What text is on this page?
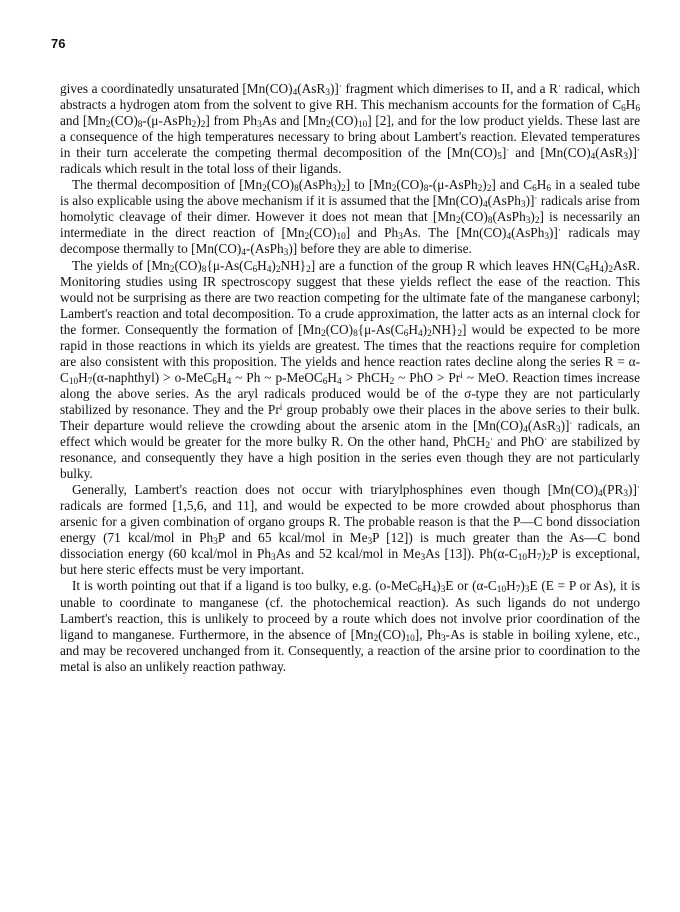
76

gives a coordinatedly unsaturated $[Mn(CO)_4(AsR_3)]^\cdot$ fragment which dimerises to II, and a R· radical, which abstracts a hydrogen atom from the solvent to give RH. This mechanism accounts for the formation of $C_6H_6$ and $[Mn_2(CO)_8-(\mu-AsPh_2)_2]$ from $Ph_3As$ and $[Mn_2(CO)_{10}]$ [2], and for the low product yields. These last are a consequence of the high temperatures necessary to bring about Lambert's reaction. Elevated temperatures in their turn accelerate the competing thermal decomposition of the $[Mn(CO)_5]^\cdot$ and $[Mn(CO)_4(AsR_3)]^\cdot$ radicals which result in the total loss of their ligands.

The thermal decomposition of $[Mn_2(CO)_8(AsPh_3)_2]$ to $[Mn_2(CO)_8-(\mu-AsPh_2)_2]$ and $C_6H_6$ in a sealed tube is also explicable using the above mechanism if it is assumed that the $[Mn(CO)_4(AsPh_3)]^\cdot$ radicals arise from homolytic cleavage of their dimer. However it does not mean that $[Mn_2(CO)_8(AsPh_3)_2]$ is necessarily an intermediate in the direct reaction of $[Mn_2(CO)_{10}]$ and $Ph_3As$. The $[Mn(CO)_4(AsPh_3)]^\cdot$ radicals may decompose thermally to $[Mn(CO)_4-(AsPh_3)]$ before they are able to dimerise.

The yields of $[Mn_2(CO)_8\{\mu-As(C_6H_4)_2NH\}_2]$ are a function of the group R which leaves $HN(C_6H_4)_2AsR$. Monitoring studies using IR spectroscopy suggest that these yields reflect the ease of the reaction. This would not be surprising as there are two reaction competing for the ultimate fate of the manganese carbonyl; Lambert's reaction and total decomposition. To a crude approximation, the latter acts as an internal clock for the former. Consequently the formation of $[Mn_2(CO)_8\{\mu-As(C_6H_4)_2NH\}_2]$ would be expected to be more rapid in those reactions in which its yields are greatest. The times that the reactions require for completion are also consistent with this proposition. The yields and hence reaction rates decline along the series $R = \alpha-C_{10}H_7(\alpha-naphthyl) > o-MeC_6H_4$ ~ Ph ~ $p-MeOC_6H_4$ > PhCH$_2$ ~ PhO > $Pr^i$ ~ MeO. Reaction times increase along the above series. As the aryl radicals produced would be of the σ-type they are not particularly stabilized by resonance. They and the Pr$^i$ group probably owe their places in the above series to their bulk. Their departure would relieve the crowding about the arsenic atom in the $[Mn(CO)_4(AsR_3)]^\cdot$ radicals, an effect which would be greater for the more bulky R. On the other hand, PhCH$_2$· and PhO· are stabilized by resonance, and consequently they have a high position in the series even though they are not particularly bulky.

Generally, Lambert's reaction does not occur with triarylphosphines even though $[Mn(CO)_4(PR_3)]^\cdot$ radicals are formed [1,5,6, and 11], and would be expected to be more crowded about phosphorus than arsenic for a given combination of organo groups R. The probable reason is that the P—C bond dissociation energy (71 kcal/mol in $Ph_3P$ and 65 kcal/mol in $Me_3P$ [12]) is much greater than the As—C bond dissociation energy (60 kcal/mol in $Ph_3As$ and 52 kcal/mol in $Me_3As$ [13]). $Ph(\alpha-C_{10}H_7)_2P$ is exceptional, but here steric effects must be very important.

It is worth pointing out that if a ligand is too bulky, e.g. $(o-MeC_6H_4)_3E$ or $(\alpha-C_{10}H_7)_3E$ (E = P or As), it is unable to coordinate to manganese (cf. the photochemical reaction). As such ligands do not undergo Lambert's reaction, this is unlikely to proceed by a route which does not involve prior coordination of the ligand to manganese. Furthermore, in the absence of $[Mn_2(CO)_{10}]$, $Ph_3-As$ is stable in boiling xylene, etc., and may be recovered unchanged from it. Consequently, a reaction of the arsine prior to coordination to the metal is also an unlikely reaction pathway.
